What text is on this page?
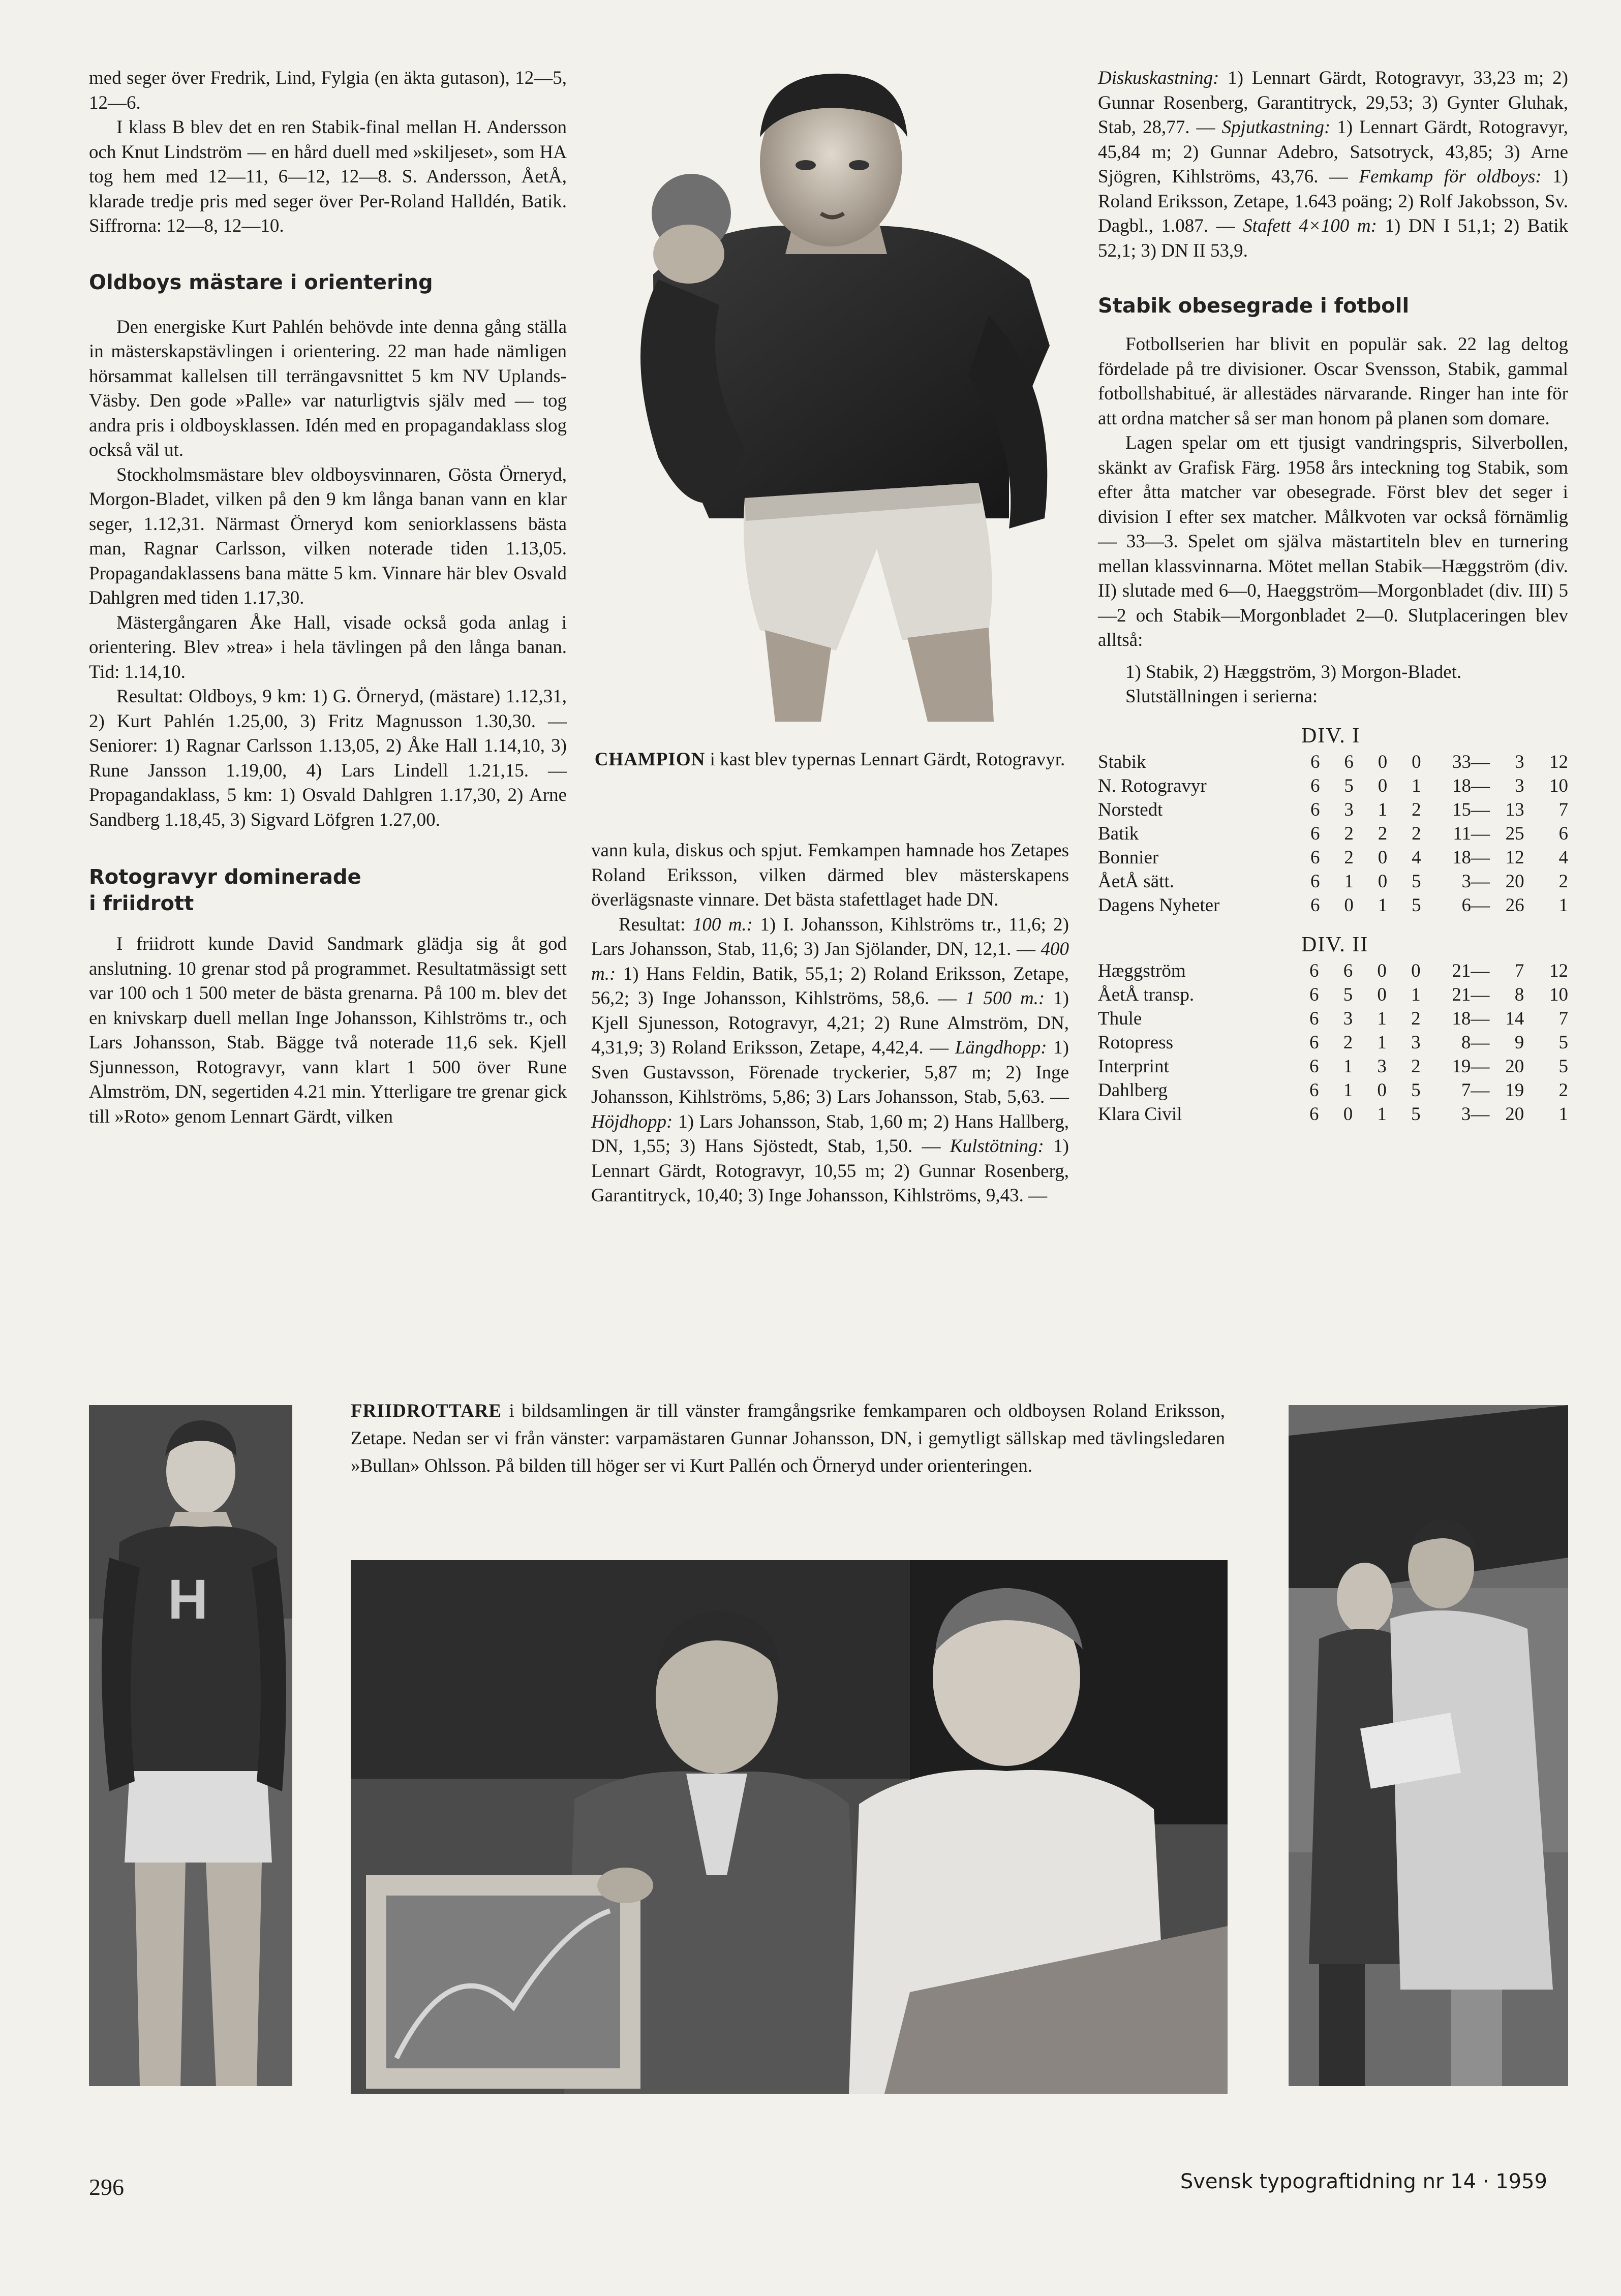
med seger över Fredrik, Lind, Fylgia (en äkta gutason), 12—5, 12—6.

I klass B blev det en ren Stabik-final mellan H. Andersson och Knut Lindström — en hård duell med »skiljeset», som HA tog hem med 12—11, 6—12, 12—8. S. Andersson, ÅetÅ, klarade tredje pris med seger över Per-Roland Halldén, Batik. Siffrorna: 12—8, 12—10.

Oldboys mästare i orientering

Den energiske Kurt Pahlén behövde inte denna gång ställa in mästerskapstävlingen i orientering. 22 man hade nämligen hörsammat kallelsen till terrängavsnittet 5 km NV Uplands-Väsby. Den gode »Palle» var naturligtvis själv med — tog andra pris i oldboysklassen. Idén med en propagandaklass slog också väl ut.

Stockholmsmästare blev oldboysvinnaren, Gösta Örneryd, Morgon-Bladet, vilken på den 9 km långa banan vann en klar seger, 1.12,31. Närmast Örneryd kom seniorklassens bästa man, Ragnar Carlsson, vilken noterade tiden 1.13,05. Propagandaklassens bana mätte 5 km. Vinnare här blev Osvald Dahlgren med tiden 1.17,30.

Mästergångaren Åke Hall, visade också goda anlag i orientering. Blev »trea» i hela tävlingen på den långa banan. Tid: 1.14,10.

Resultat: Oldboys, 9 km: 1) G. Örneryd, (mästare) 1.12,31, 2) Kurt Pahlén 1.25,00, 3) Fritz Magnusson 1.30,30. — Seniorer: 1) Ragnar Carlsson 1.13,05, 2) Åke Hall 1.14,10, 3) Rune Jansson 1.19,00, 4) Lars Lindell 1.21,15. — Propagandaklass, 5 km: 1) Osvald Dahlgren 1.17,30, 2) Arne Sandberg 1.18,45, 3) Sigvard Löfgren 1.27,00.

Rotogravyr dominerade
i friidrott

I friidrott kunde David Sandmark glädja sig åt god anslutning. 10 grenar stod på programmet. Resultatmässigt sett var 100 och 1 500 meter de bästa grenarna. På 100 m. blev det en knivskarp duell mellan Inge Johansson, Kihlströms tr., och Lars Johansson, Stab. Bägge två noterade 11,6 sek. Kjell Sjunnesson, Rotogravyr, vann klart 1 500 över Rune Almström, DN, segertiden 4.21 min. Ytterligare tre grenar gick till »Roto» genom Lennart Gärdt, vilken

CHAMPION i kast blev typernas Lennart Gärdt, Rotogravyr.

vann kula, diskus och spjut. Femkampen hamnade hos Zetapes Roland Eriksson, vilken därmed blev mästerskapens överlägsnaste vinnare. Det bästa stafettlaget hade DN.

Resultat: 100 m.: 1) I. Johansson, Kihlströms tr., 11,6; 2) Lars Johansson, Stab, 11,6; 3) Jan Sjölander, DN, 12,1. — 400 m.: 1) Hans Feldin, Batik, 55,1; 2) Roland Eriksson, Zetape, 56,2; 3) Inge Johansson, Kihlströms, 58,6. — 1 500 m.: 1) Kjell Sjunesson, Rotogravyr, 4,21; 2) Rune Almström, DN, 4,31,9; 3) Roland Eriksson, Zetape, 4,42,4. — Längdhopp: 1) Sven Gustavsson, Förenade tryckerier, 5,87 m; 2) Inge Johansson, Kihlströms, 5,86; 3) Lars Johansson, Stab, 5,63. — Höjdhopp: 1) Lars Johansson, Stab, 1,60 m; 2) Hans Hallberg, DN, 1,55; 3) Hans Sjöstedt, Stab, 1,50. — Kulstötning: 1) Lennart Gärdt, Rotogravyr, 10,55 m; 2) Gunnar Rosenberg, Garantitryck, 10,40; 3) Inge Johansson, Kihlströms, 9,43. —

Diskuskastning: 1) Lennart Gärdt, Rotogravyr, 33,23 m; 2) Gunnar Rosenberg, Garantitryck, 29,53; 3) Gynter Gluhak, Stab, 28,77. — Spjutkastning: 1) Lennart Gärdt, Rotogravyr, 45,84 m; 2) Gunnar Adebro, Satsotryck, 43,85; 3) Arne Sjögren, Kihlströms, 43,76. — Femkamp för oldboys: 1) Roland Eriksson, Zetape, 1.643 poäng; 2) Rolf Jakobsson, Sv. Dagbl., 1.087. — Stafett 4×100 m: 1) DN I 51,1; 2) Batik 52,1; 3) DN II 53,9.

Stabik obesegrade i fotboll

Fotbollserien har blivit en populär sak. 22 lag deltog fördelade på tre divisioner. Oscar Svensson, Stabik, gammal fotbollshabitué, är allestädes närvarande. Ringer han inte för att ordna matcher så ser man honom på planen som domare.

Lagen spelar om ett tjusigt vandringspris, Silverbollen, skänkt av Grafisk Färg. 1958 års inteckning tog Stabik, som efter åtta matcher var obesegrade. Först blev det seger i division I efter sex matcher. Målkvoten var också förnämlig — 33—3. Spelet om själva mästartiteln blev en turnering mellan klassvinnarna. Mötet mellan Stabik—Hæggström (div. II) slutade med 6—0, Haeggström—Morgonbladet (div. III) 5—2 och Stabik—Morgonbladet 2—0. Slutplaceringen blev alltså:

1) Stabik, 2) Hæggström, 3) Morgon-Bladet.

Slutställningen i serierna:

DIV. I
Stabik	6	6	0	0	33—	3	12
N. Rotogravyr	6	5	0	1	18—	3	10
Norstedt	6	3	1	2	15—	13	7
Batik	6	2	2	2	11—	25	6
Bonnier	6	2	0	4	18—	12	4
ÅetÅ sätt.	6	1	0	5	3—	20	2
Dagens Nyheter	6	0	1	5	6—	26	1
DIV. II
Hæggström	6	6	0	0	21—	7	12
ÅetÅ transp.	6	5	0	1	21—	8	10
Thule	6	3	1	2	18—	14	7
Rotopress	6	2	1	3	8—	9	5
Interprint	6	1	3	2	19—	20	5
Dahlberg	6	1	0	5	7—	19	2
Klara Civil	6	0	1	5	3—	20	1
H

FRIIDROTTARE i bildsamlingen är till vänster framgångsrike femkamparen och oldboysen Roland Eriksson, Zetape. Nedan ser vi från vänster: varpamästaren Gunnar Johansson, DN, i gemytligt sällskap med tävlingsledaren »Bullan» Ohlsson. På bilden till höger ser vi Kurt Pallén och Örneryd under orienteringen.

296	Svensk typograftidning nr 14 · 1959
